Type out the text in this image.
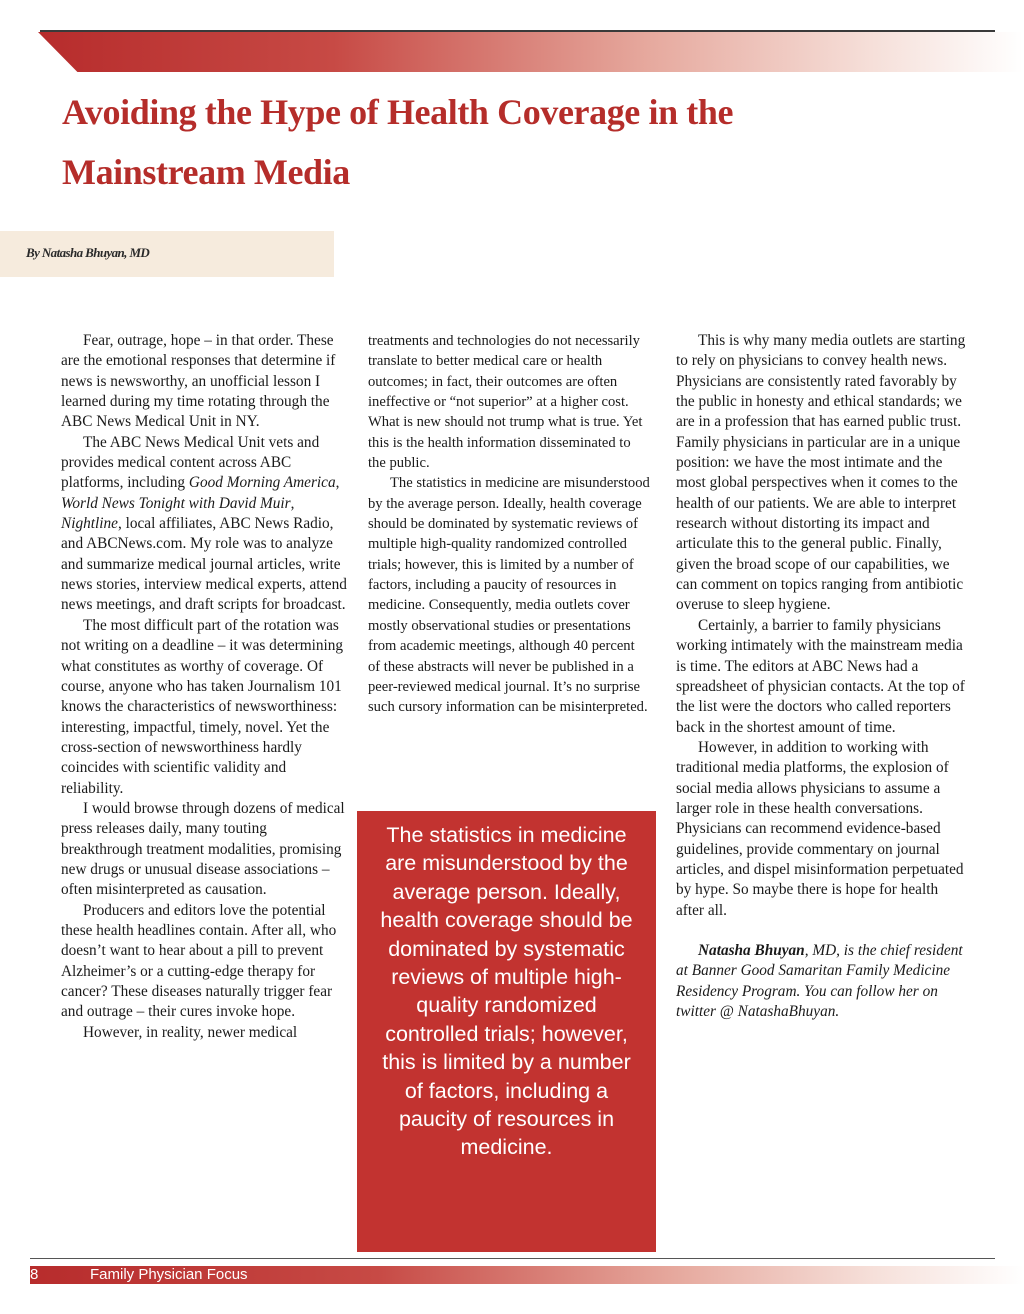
Avoiding the Hype of Health Coverage in the Mainstream Media

By Natasha Bhuyan, MD

Fear, outrage, hope – in that order. These are the emotional responses that determine if news is newsworthy, an unofficial lesson I learned during my time rotating through the ABC News Medical Unit in NY.

The ABC News Medical Unit vets and provides medical content across ABC platforms, including Good Morning America, World News Tonight with David Muir, Nightline, local affiliates, ABC News Radio, and ABCNews.com. My role was to analyze and summarize medical journal articles, write news stories, interview medical experts, attend news meetings, and draft scripts for broadcast.

The most difficult part of the rotation was not writing on a deadline – it was determining what constitutes as worthy of coverage. Of course, anyone who has taken Journalism 101 knows the characteristics of newsworthiness: interesting, impactful, timely, novel. Yet the cross-section of newsworthiness hardly coincides with scientific validity and reliability.

I would browse through dozens of medical press releases daily, many touting breakthrough treatment modalities, promising new drugs or unusual disease associations – often misinterpreted as causation.

Producers and editors love the potential these health headlines contain. After all, who doesn’t want to hear about a pill to prevent Alzheimer’s or a cutting-edge therapy for cancer? These diseases naturally trigger fear and outrage – their cures invoke hope.

However, in reality, newer medical

treatments and technologies do not necessarily translate to better medical care or health outcomes; in fact, their outcomes are often ineffective or “not superior” at a higher cost. What is new should not trump what is true. Yet this is the health information disseminated to the public.

The statistics in medicine are misunderstood by the average person. Ideally, health coverage should be dominated by systematic reviews of multiple high-quality randomized controlled trials; however, this is limited by a number of factors, including a paucity of resources in medicine. Consequently, media outlets cover mostly observational studies or presentations from academic meetings, although 40 percent of these abstracts will never be published in a peer-reviewed medical journal. It’s no surprise such cursory information can be misinterpreted.

The statistics in medicine are misunderstood by the average person. Ideally, health coverage should be dominated by systematic reviews of multiple high-quality randomized controlled trials; however, this is limited by a number of factors, including a paucity of resources in medicine.

This is why many media outlets are starting to rely on physicians to convey health news. Physicians are consistently rated favorably by the public in honesty and ethical standards; we are in a profession that has earned public trust. Family physicians in particular are in a unique position: we have the most intimate and the most global perspectives when it comes to the health of our patients. We are able to interpret research without distorting its impact and articulate this to the general public. Finally, given the broad scope of our capabilities, we can comment on topics ranging from antibiotic overuse to sleep hygiene.

Certainly, a barrier to family physicians working intimately with the mainstream media is time. The editors at ABC News had a spreadsheet of physician contacts. At the top of the list were the doctors who called reporters back in the shortest amount of time.

However, in addition to working with traditional media platforms, the explosion of social media allows physicians to assume a larger role in these health conversations. Physicians can recommend evidence-based guidelines, provide commentary on journal articles, and dispel misinformation perpetuated by hype. So maybe there is hope for health after all.

Natasha Bhuyan, MD, is the chief resident at Banner Good Samaritan Family Medicine Residency Program. You can follow her on twitter @ NatashaBhuyan.

8	Family Physician Focus
